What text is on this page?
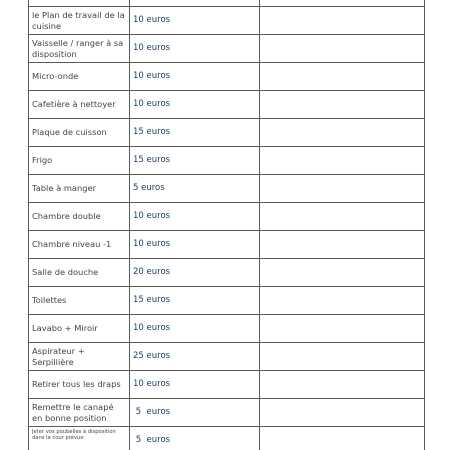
le Plan de travail de la cuisine	10 euros	
Vaisselle / ranger à sa disposition	10 euros	
Micro-onde	10 euros	
Cafetière à nettoyer	10 euros	
Plaque de cuisson	15 euros	
Frigo	15 euros	
Table à manger	5 euros	
Chambre double	10 euros	
Chambre niveau -1	10 euros	
Salle de douche	20 euros	
Toilettes	15 euros	
Lavabo + Miroir	10 euros	
Aspirateur + Serpillière	25 euros	
Retirer tous les draps	10 euros	
Remettre le canapé en bonne position	5  euros	
Jeter vos poubelles à disposition dans la cour prévue	5  euros	
